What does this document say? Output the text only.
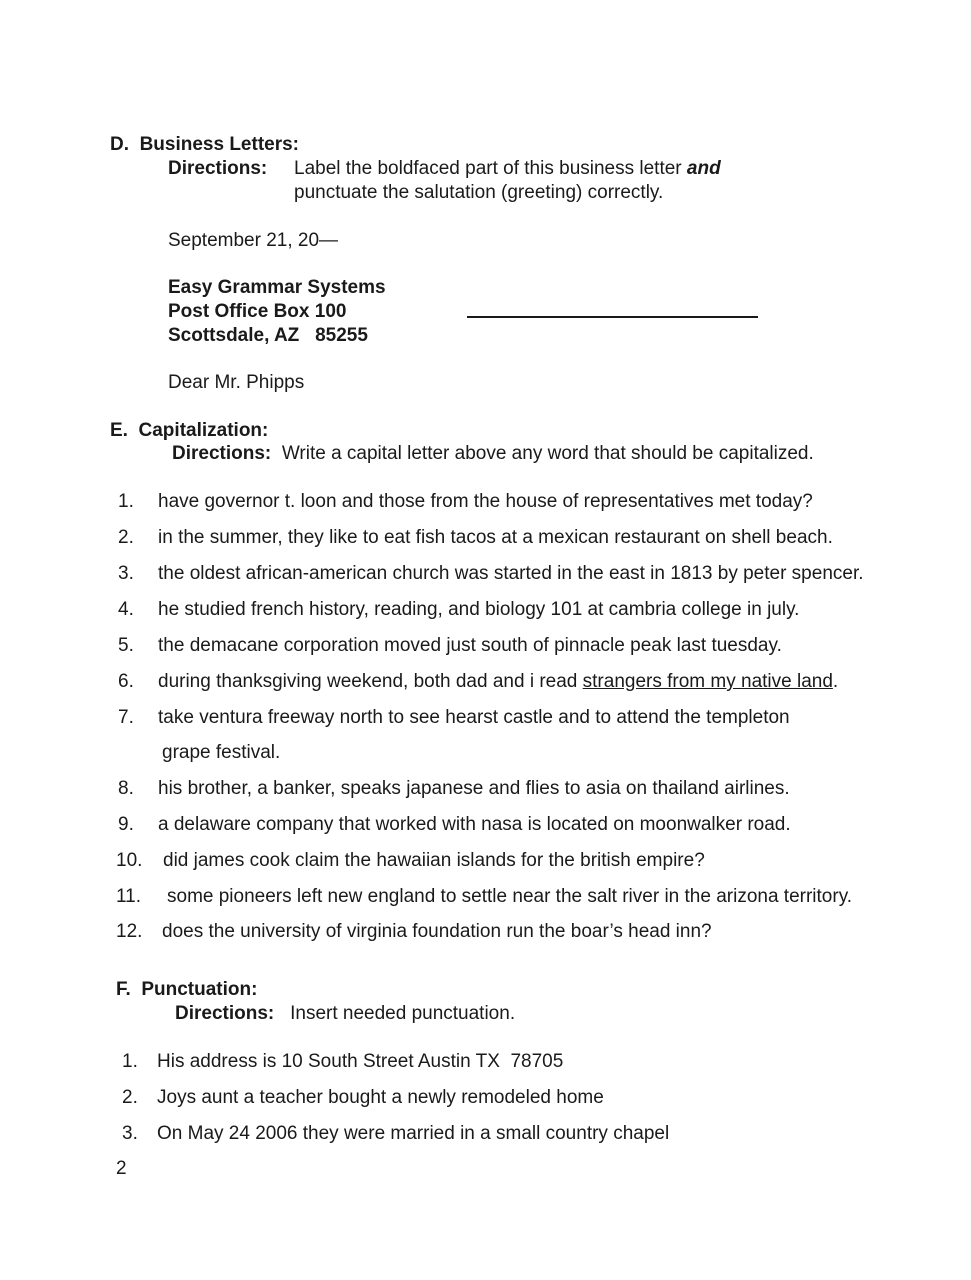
D. Business Letters:
Directions: Label the boldfaced part of this business letter and
punctuate the salutation (greeting) correctly.
September 21, 20—
Easy Grammar Systems
Post Office Box 100
Scottsdale, AZ   85255
Dear Mr. Phipps
E. Capitalization:
Directions: Write a capital letter above any word that should be capitalized.
1. have governor t. loon and those from the house of representatives met today?
2. in the summer, they like to eat fish tacos at a mexican restaurant on shell beach.
3. the oldest african-american church was started in the east in 1813 by peter spencer.
4. he studied french history, reading, and biology 101 at cambria college in july.
5. the demacane corporation moved just south of pinnacle peak last tuesday.
6. during thanksgiving weekend, both dad and i read strangers from my native land.
7. take ventura freeway north to see hearst castle and to attend the templeton
grape festival.
8. his brother, a banker, speaks japanese and flies to asia on thailand airlines.
9. a delaware company that worked with nasa is located on moonwalker road.
10. did james cook claim the hawaiian islands for the british empire?
11. some pioneers left new england to settle near the salt river in the arizona territory.
12. does the university of virginia foundation run the boar’s head inn?
F. Punctuation:
Directions: Insert needed punctuation.
1. His address is 10 South Street Austin TX  78705
2. Joys aunt a teacher bought a newly remodeled home
3. On May 24 2006 they were married in a small country chapel
2
